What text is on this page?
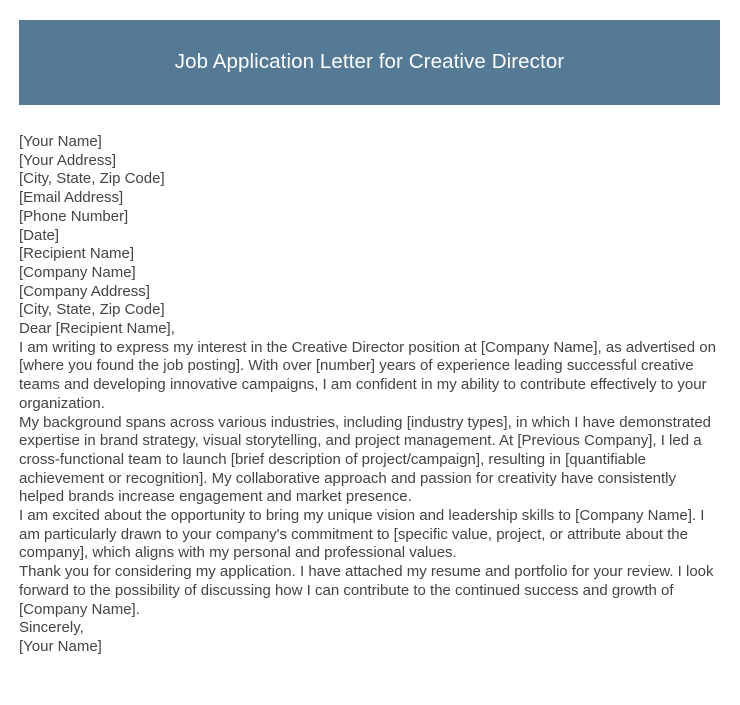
Job Application Letter for Creative Director
[Your Name]
[Your Address]
[City, State, Zip Code]
[Email Address]
[Phone Number]
[Date]
[Recipient Name]
[Company Name]
[Company Address]
[City, State, Zip Code]
Dear [Recipient Name],

I am writing to express my interest in the Creative Director position at [Company Name], as advertised on [where you found the job posting]. With over [number] years of experience leading successful creative teams and developing innovative campaigns, I am confident in my ability to contribute effectively to your organization.

My background spans across various industries, including [industry types], in which I have demonstrated expertise in brand strategy, visual storytelling, and project management. At [Previous Company], I led a cross-functional team to launch [brief description of project/campaign], resulting in [quantifiable achievement or recognition]. My collaborative approach and passion for creativity have consistently helped brands increase engagement and market presence.

I am excited about the opportunity to bring my unique vision and leadership skills to [Company Name]. I am particularly drawn to your company's commitment to [specific value, project, or attribute about the company], which aligns with my personal and professional values.

Thank you for considering my application. I have attached my resume and portfolio for your review. I look forward to the possibility of discussing how I can contribute to the continued success and growth of [Company Name].

Sincerely,
[Your Name]
